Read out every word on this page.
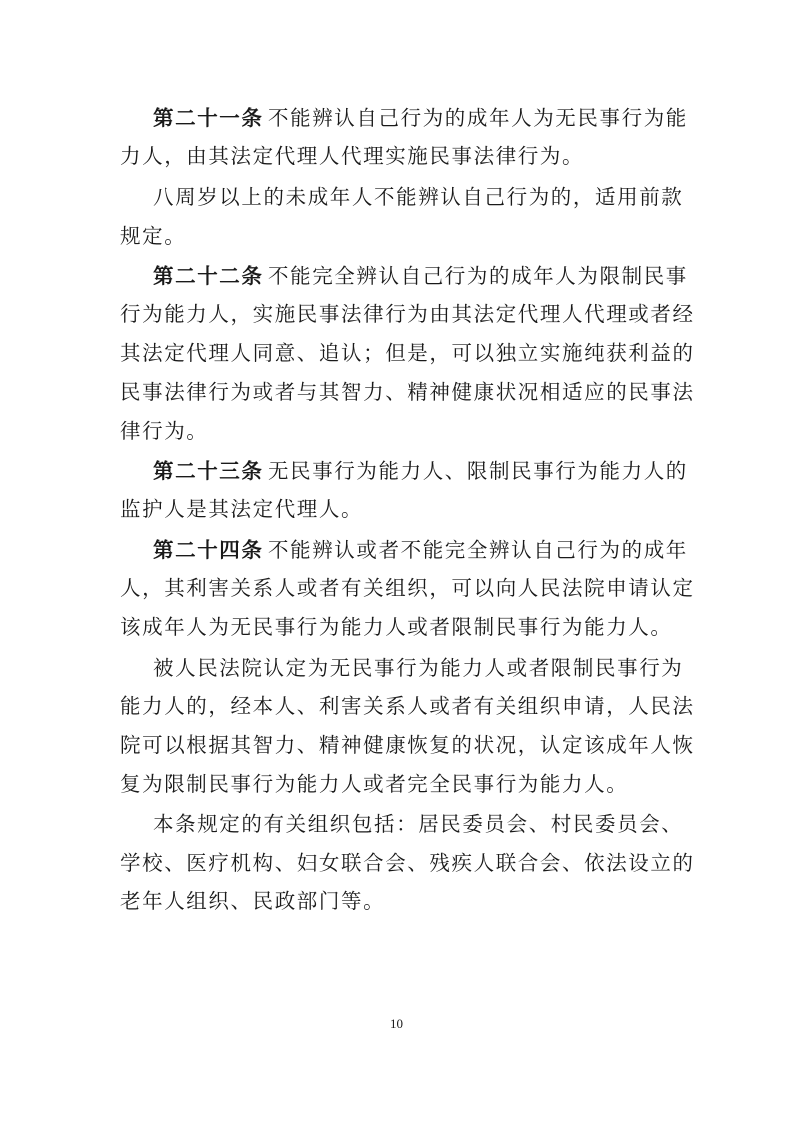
第二十一条 不能辨认自己行为的成年人为无民事行为能
力人，由其法定代理人代理实施民事法律行为。
八周岁以上的未成年人不能辨认自己行为的，适用前款
规定。
第二十二条 不能完全辨认自己行为的成年人为限制民事
行为能力人，实施民事法律行为由其法定代理人代理或者经
其法定代理人同意、追认；但是，可以独立实施纯获利益的
民事法律行为或者与其智力、精神健康状况相适应的民事法
律行为。
第二十三条 无民事行为能力人、限制民事行为能力人的
监护人是其法定代理人。
第二十四条 不能辨认或者不能完全辨认自己行为的成年
人，其利害关系人或者有关组织，可以向人民法院申请认定
该成年人为无民事行为能力人或者限制民事行为能力人。
被人民法院认定为无民事行为能力人或者限制民事行为
能力人的，经本人、利害关系人或者有关组织申请，人民法
院可以根据其智力、精神健康恢复的状况，认定该成年人恢
复为限制民事行为能力人或者完全民事行为能力人。
本条规定的有关组织包括：居民委员会、村民委员会、
学校、医疗机构、妇女联合会、残疾人联合会、依法设立的
老年人组织、民政部门等。
10
